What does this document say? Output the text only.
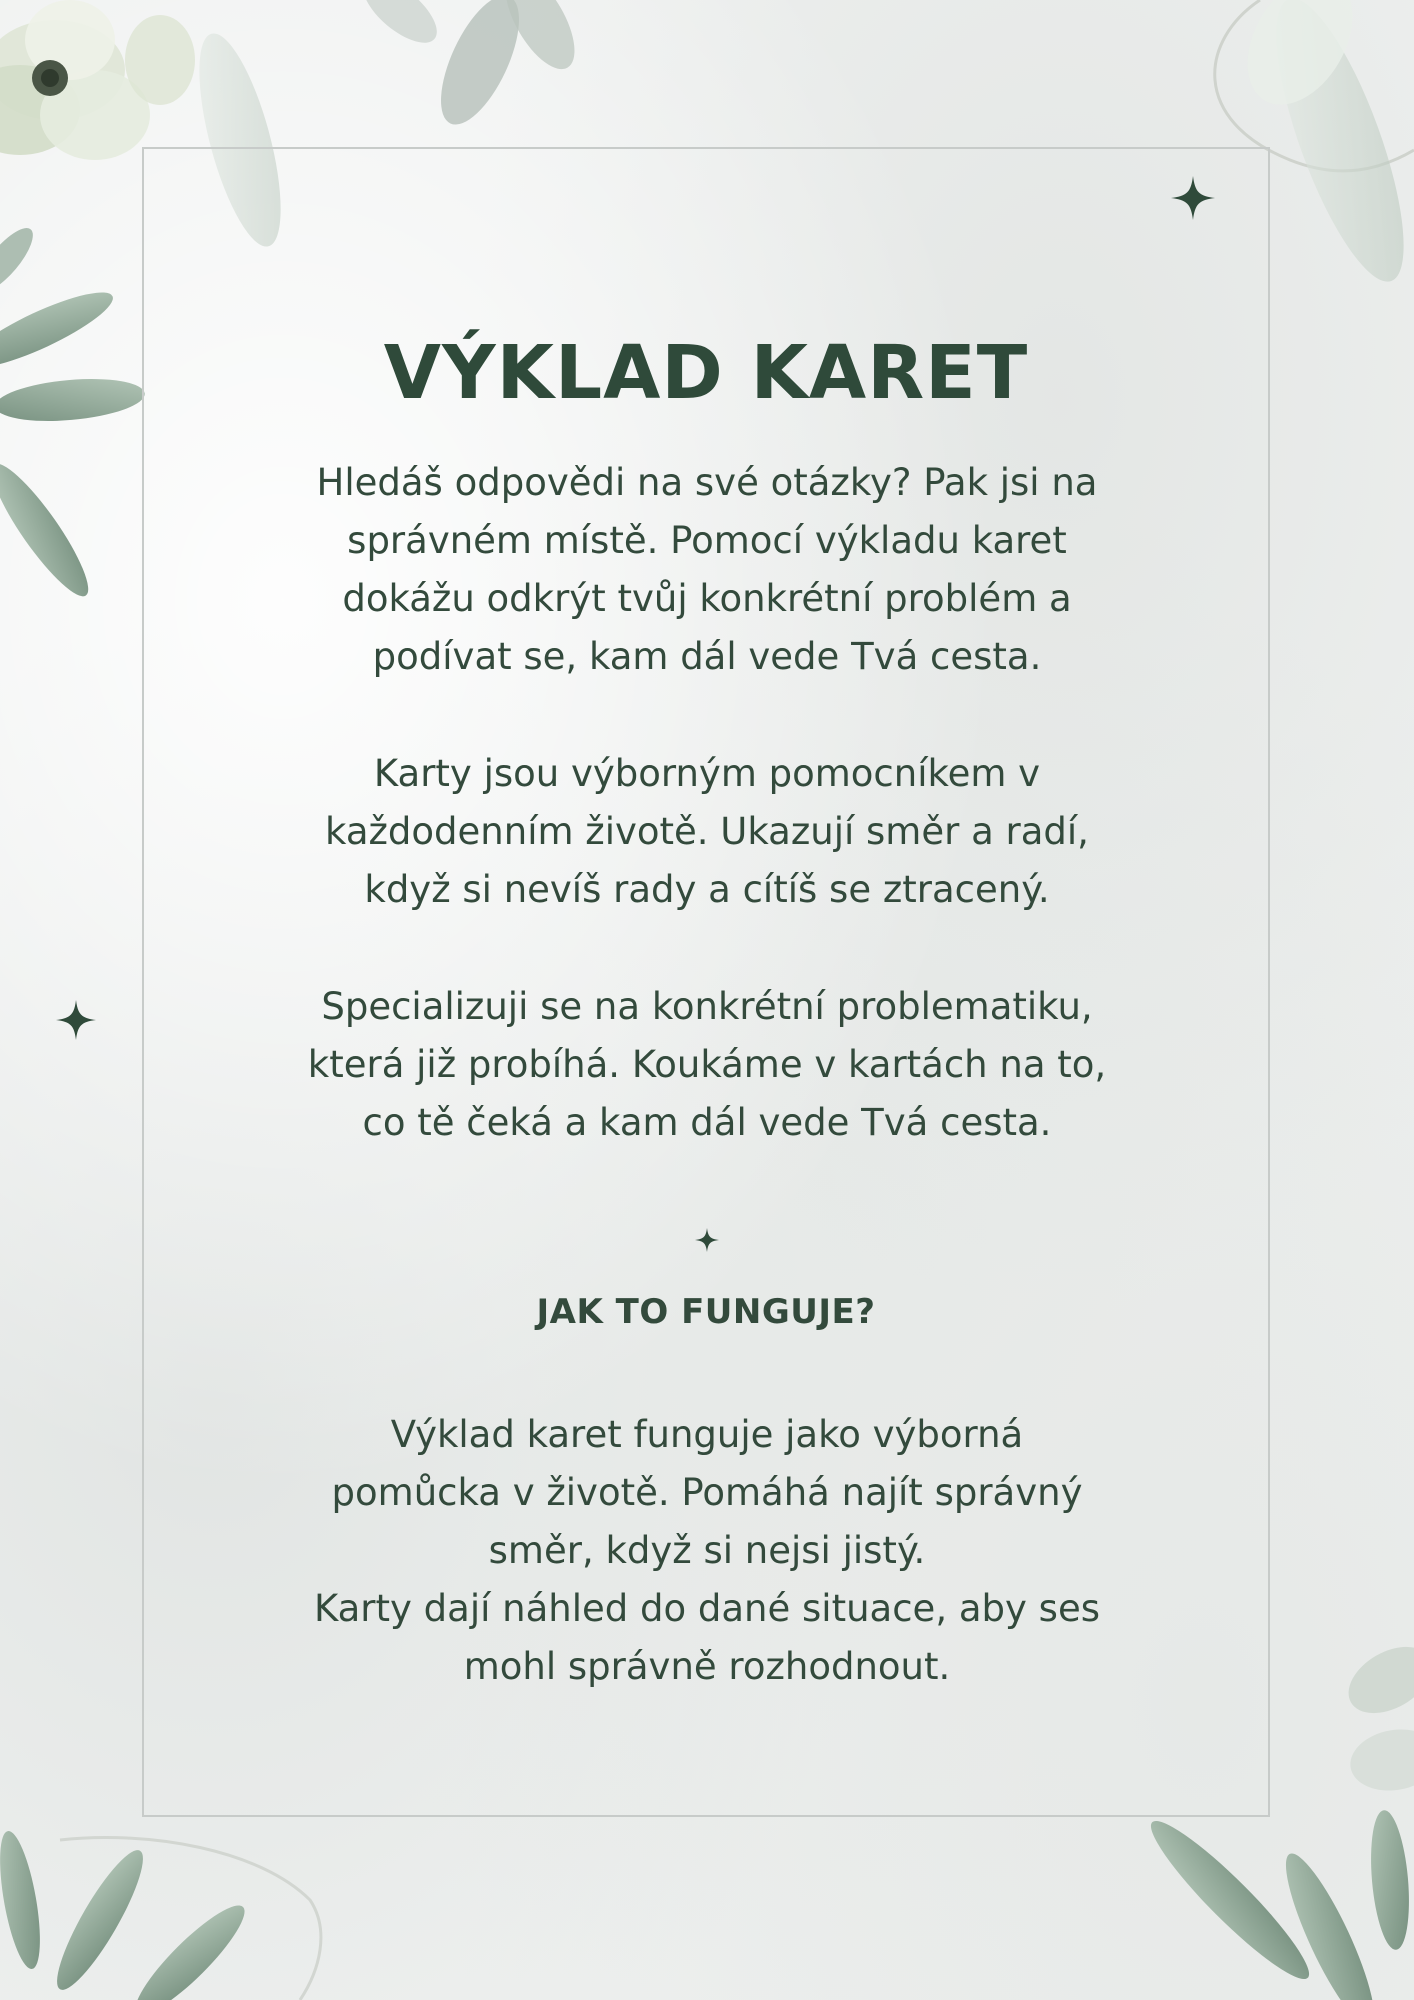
VÝKLAD KARET

Hledáš odpovědi na své otázky? Pak jsi na
správném místě. Pomocí výkladu karet
dokážu odkrýt tvůj konkrétní problém a
podívat se, kam dál vede Tvá cesta.

Karty jsou výborným pomocníkem v
každodenním životě. Ukazují směr a radí,
když si nevíš rady a cítíš se ztracený.

Specializuji se na konkrétní problematiku,
která již probíhá. Koukáme v kartách na to,
co tě čeká a kam dál vede Tvá cesta.

JAK TO FUNGUJE?

Výklad karet funguje jako výborná
pomůcka v životě. Pomáhá najít správný
směr, když si nejsi jistý.
Karty dají náhled do dané situace, aby ses
mohl správně rozhodnout.
